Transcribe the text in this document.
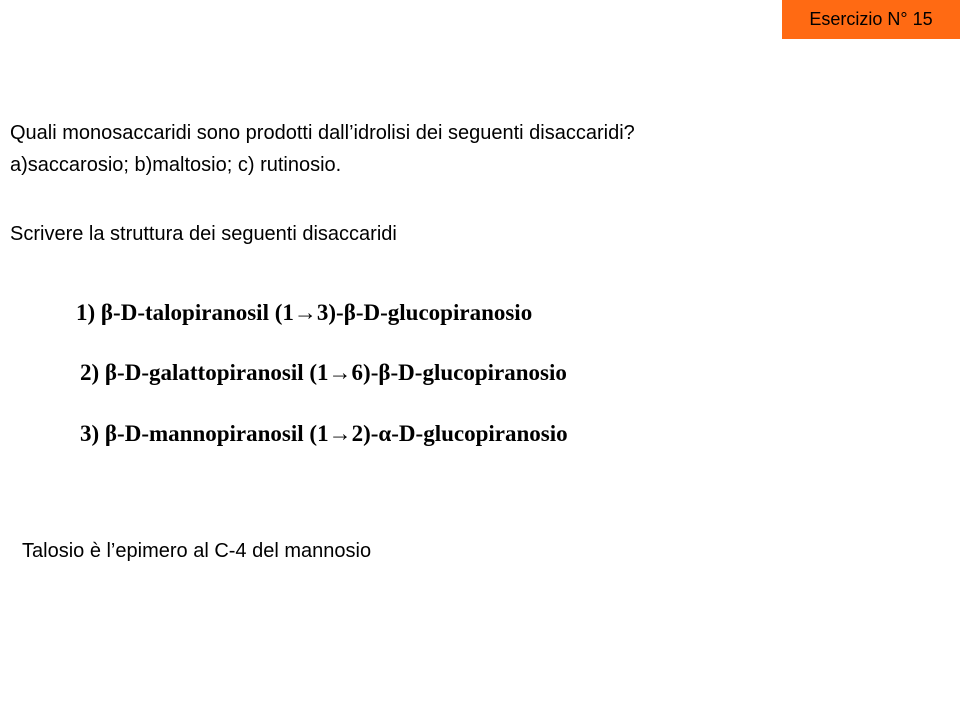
Esercizio N° 15
Quali monosaccaridi sono prodotti dall’idrolisi dei seguenti disaccaridi?
a)saccarosio; b)maltosio; c) rutinosio.
Scrivere la struttura dei seguenti disaccaridi
1) β-D-talopiranosil (1→3)-β-D-glucopiranosio
2) β-D-galattopiranosil (1→6)-β-D-glucopiranosio
3) β-D-mannopiranosil (1→2)-α-D-glucopiranosio
Talosio è l’epimero al C-4 del mannosio
